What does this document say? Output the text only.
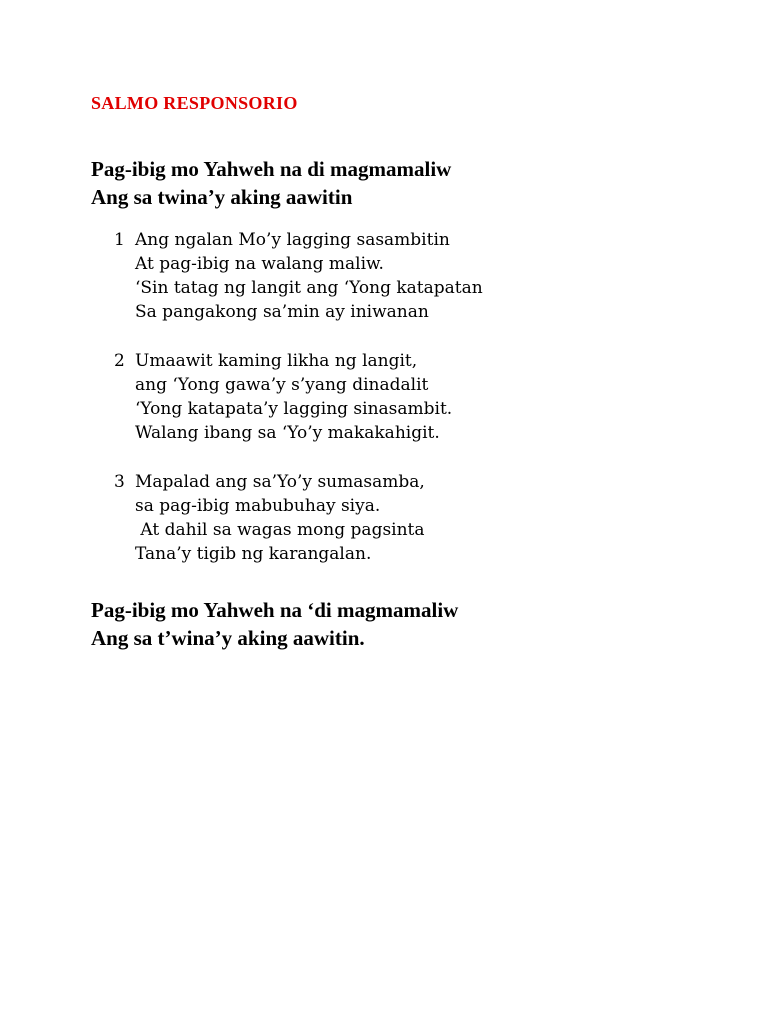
SALMO RESPONSORIO
Pag-ibig mo Yahweh na di magmamaliw
Ang sa twina’y aking aawitin
1 Ang ngalan Mo’y lagging sasambitin
At pag-ibig na walang maliw.
‘Sin tatag ng langit ang ‘Yong katapatan
Sa pangakong sa’min ay iniwanan
2 Umaawit kaming likha ng langit,
ang ‘Yong gawa’y s’yang dinadalit
‘Yong katapata’y lagging sinasambit.
Walang ibang sa ‘Yo’y makakahigit.
3 Mapalad ang sa’Yo’y sumasamba,
sa pag-ibig mabubuhay siya.
At dahil sa wagas mong pagsinta
Tana’y tigib ng karangalan.
Pag-ibig mo Yahweh na ‘di magmamaliw
Ang sa t’wina’y aking aawitin.
